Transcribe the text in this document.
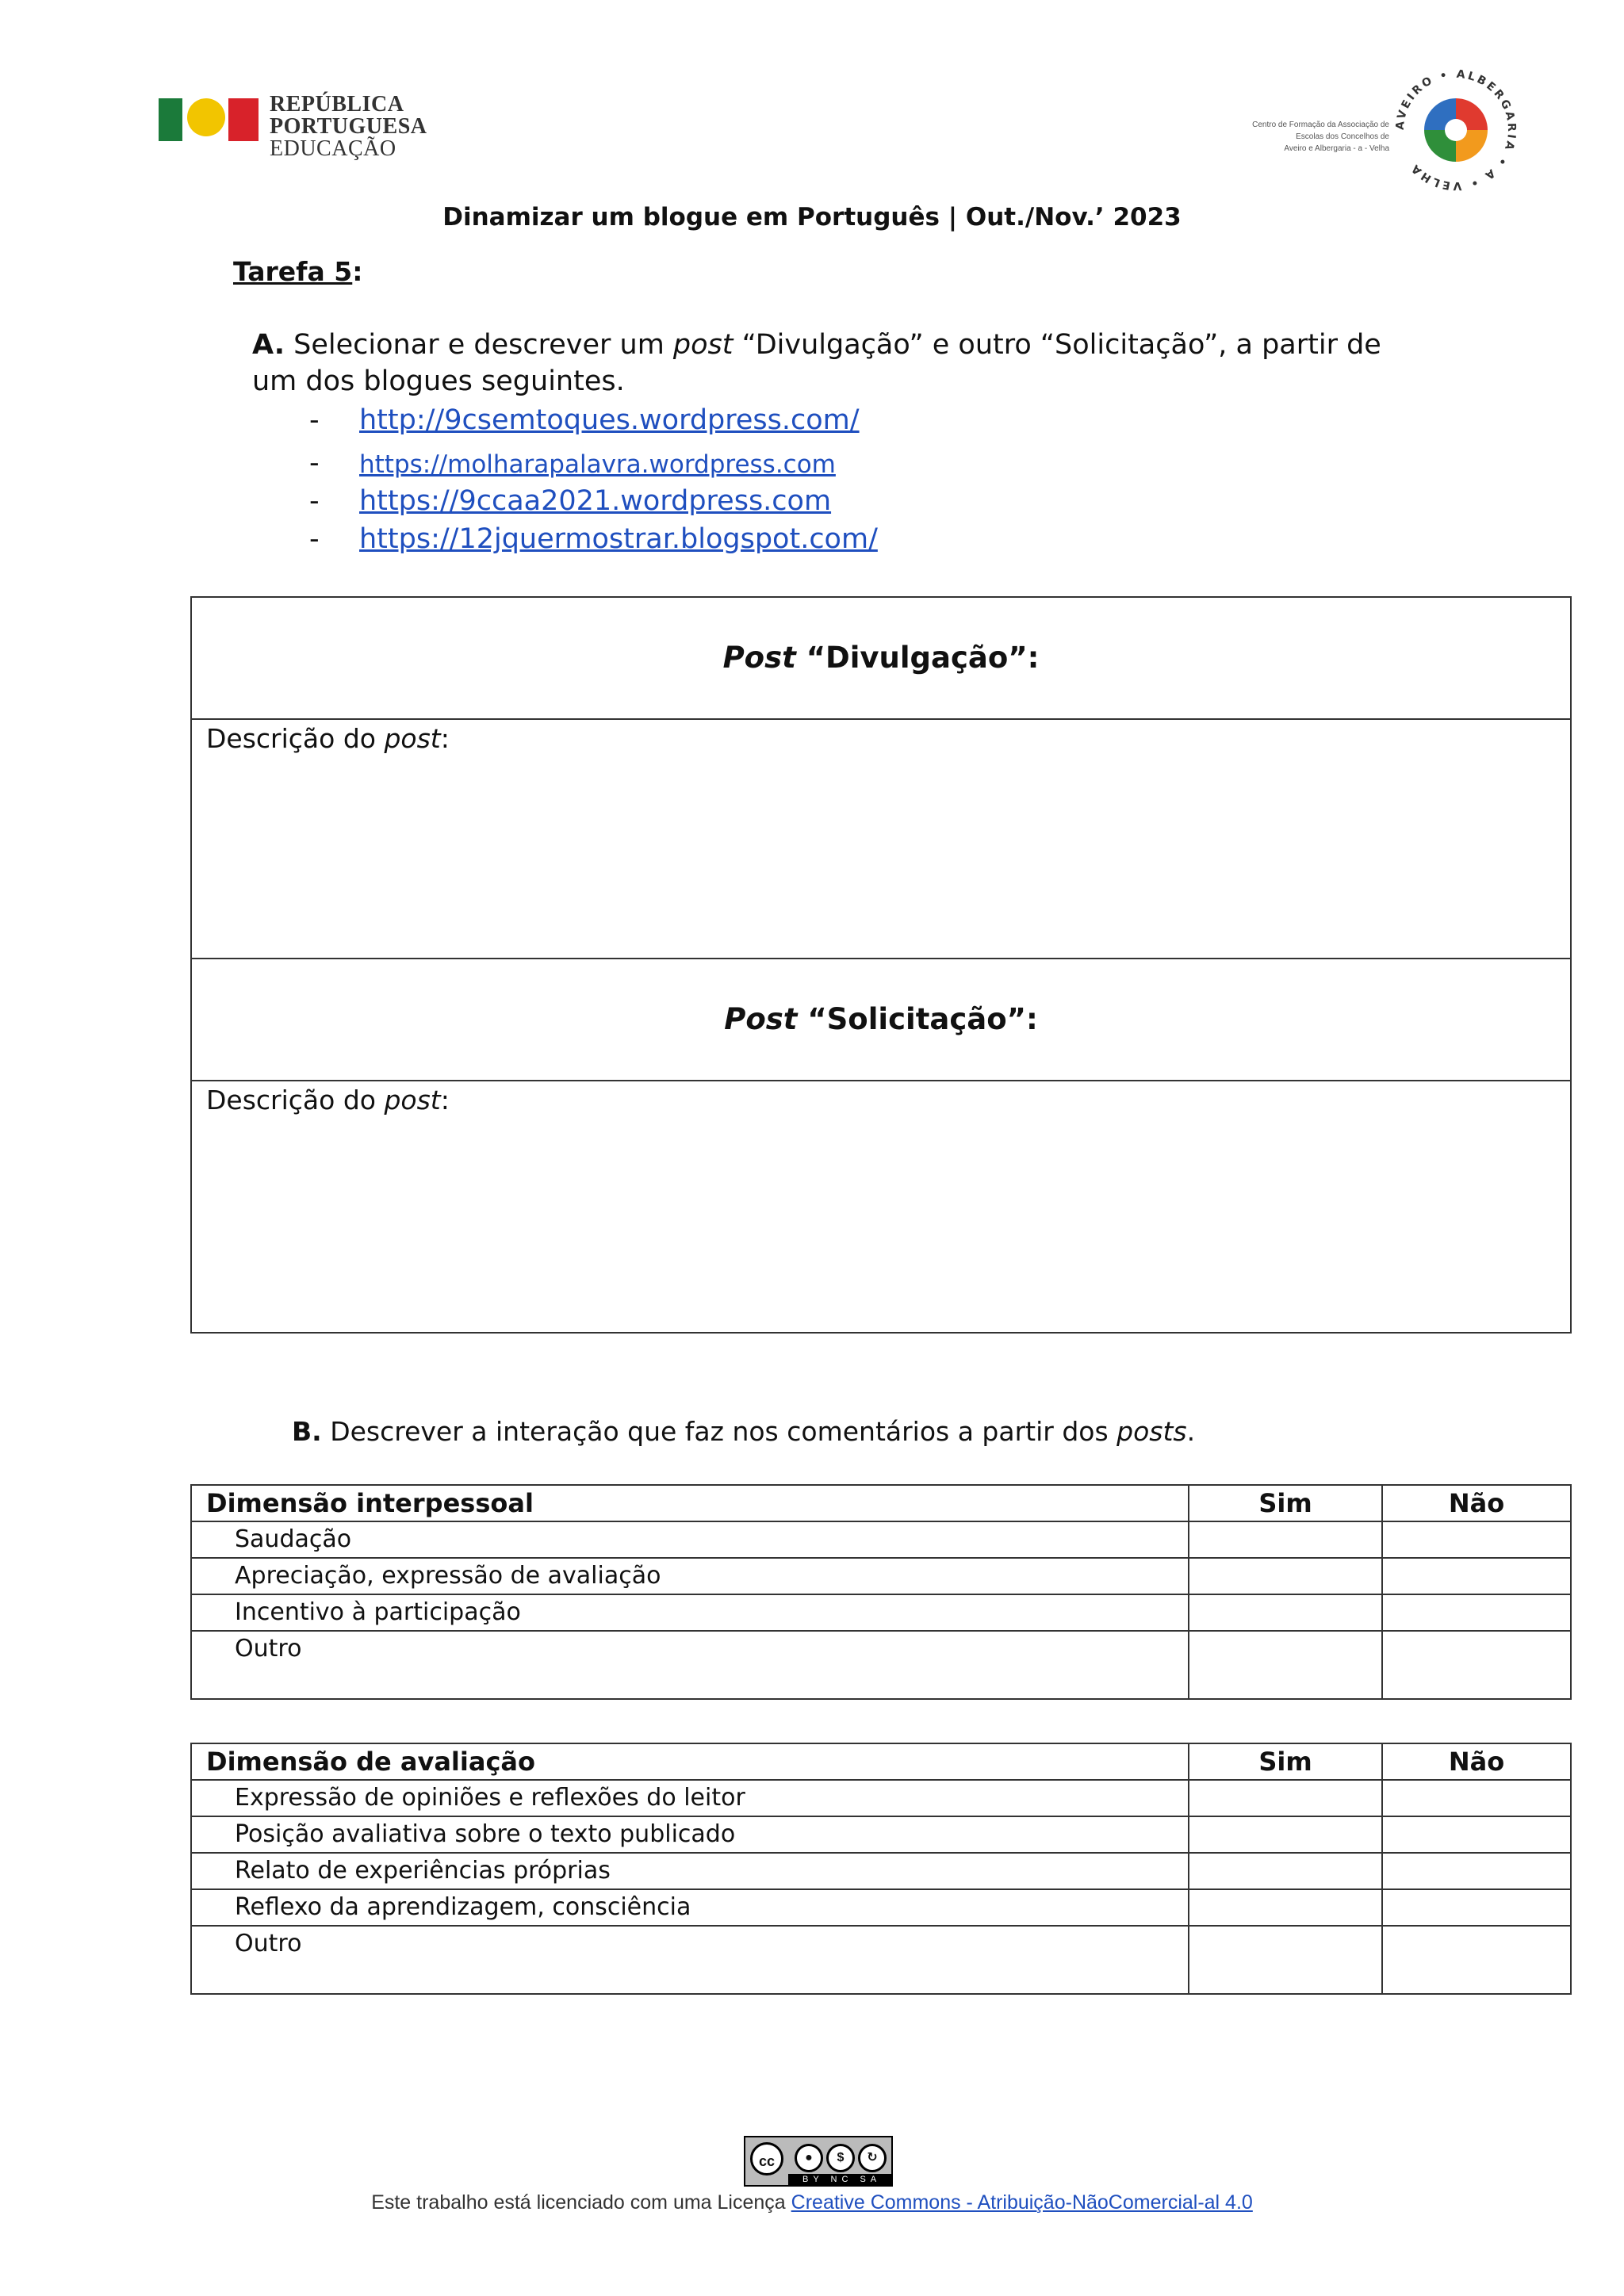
REPÚBLICA
PORTUGUESA
EDUCAÇÃO
Centro de Formação da Associação de
Escolas dos Concelhos de
Aveiro e Albergaria - a - Velha
AVEIRO • ALBERGARIA • A • VELHA
Dinamizar um blogue em Português | Out./Nov.’ 2023
Tarefa 5:
A. Selecionar e descrever um post “Divulgação” e outro “Solicitação”, a partir de um dos blogues seguintes.
- http://9csemtoques.wordpress.com/
- https://molharapalavra.wordpress.com
- https://9ccaa2021.wordpress.com
- https://12jquermostrar.blogspot.com/
Post “Divulgação”:
Descrição do post:
Post “Solicitação”:
Descrição do post:
B. Descrever a interação que faz nos comentários a partir dos posts.
Dimensão interpessoal	Sim	Não
Saudação		
Apreciação, expressão de avaliação		
Incentivo à participação		
Outro		
Dimensão de avaliação	Sim	Não
Expressão de opiniões e reflexões do leitor		
Posição avaliativa sobre o texto publicado		
Relato de experiências próprias		
Reflexo da aprendizagem, consciência		
Outro		
cc	●	$	↻
BY NC SA
Este trabalho está licenciado com uma Licença Creative Commons - Atribuição-NãoComercial-al 4.0
